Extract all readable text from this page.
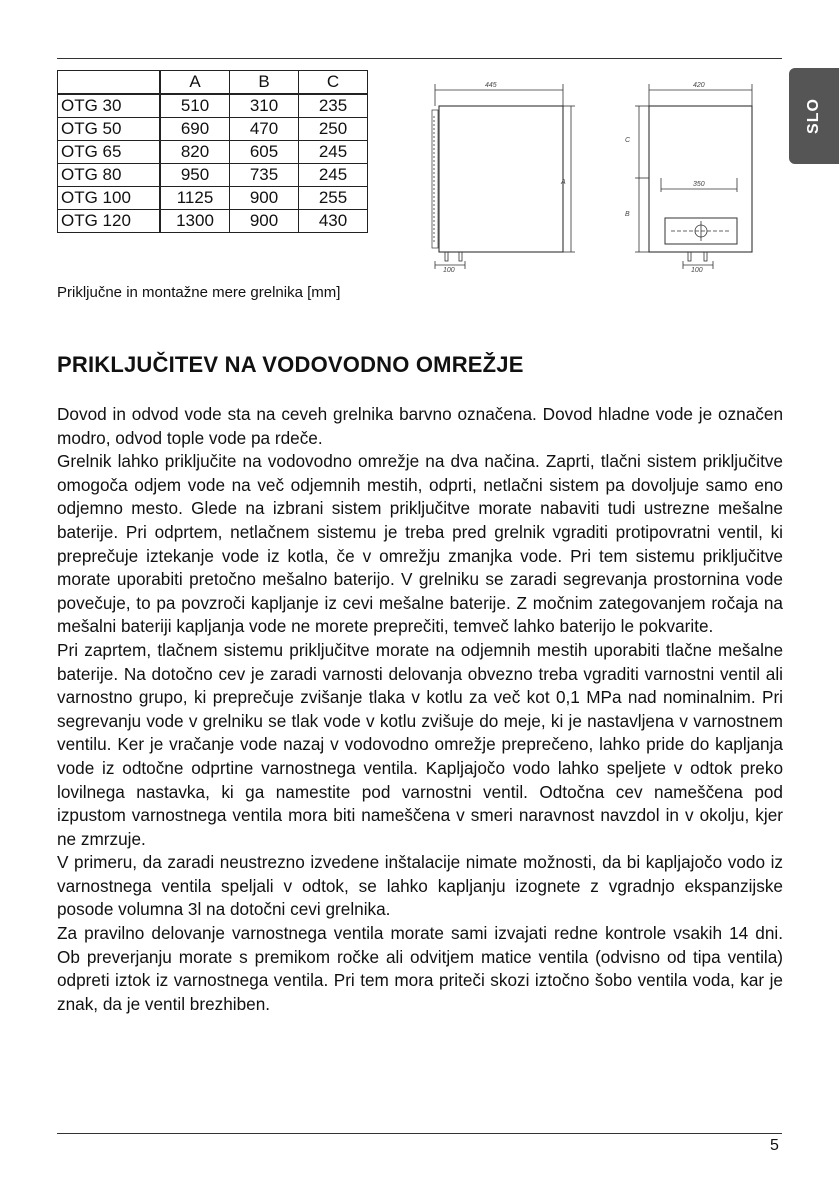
SLO
	A	B	C
OTG 30	510	310	235
OTG 50	690	470	250
OTG 65	820	605	245
OTG 80	950	735	245
OTG 100	1125	900	255
OTG 120	1300	900	430
445
A
100
420
C
B
350
100
Priključne in montažne mere grelnika [mm]
PRIKLJUČITEV NA VODOVODNO OMREŽJE

Dovod in odvod vode sta na ceveh grelnika barvno označena. Dovod hladne vode je označen modro, odvod tople vode pa rdeče.

Grelnik lahko priključite na vodovodno omrežje na dva načina. Zaprti, tlačni sistem priključitve omogoča odjem vode na več odjemnih mestih, odprti, netlačni sistem pa dovoljuje samo eno odjemno mesto. Glede na izbrani sistem priključitve morate nabaviti tudi ustrezne mešalne baterije. Pri odprtem, netlačnem sistemu je treba pred grelnik vgraditi protipovratni ventil, ki preprečuje iztekanje vode iz kotla, če v omrežju zmanjka vode. Pri tem sistemu priključitve morate uporabiti pretočno mešalno baterijo. V grelniku se zaradi segrevanja prostornina vode povečuje, to pa povzroči kapljanje iz cevi mešalne baterije. Z močnim zategovanjem ročaja na mešalni bateriji kapljanja vode ne morete preprečiti, temveč lahko baterijo le pokvarite.

Pri zaprtem, tlačnem sistemu priključitve morate na odjemnih mestih uporabiti tlačne mešalne baterije. Na dotočno cev je zaradi varnosti delovanja obvezno treba vgraditi varnostni ventil ali varnostno grupo, ki preprečuje zvišanje tlaka v kotlu za več kot 0,1 MPa nad nominalnim. Pri segrevanju vode v grelniku se tlak vode v kotlu zvišuje do meje, ki je nastavljena v varnostnem ventilu. Ker je vračanje vode nazaj v vodovodno omrežje preprečeno, lahko pride do kapljanja vode iz odtočne odprtine varnostnega ventila. Kapljajočo vodo lahko speljete v odtok preko lovilnega nastavka, ki ga namestite pod varnostni ventil. Odtočna cev nameščena pod izpustom varnostnega ventila mora biti nameščena v smeri naravnost navzdol in v okolju, kjer ne zmrzuje.

V primeru, da zaradi neustrezno izvedene inštalacije nimate možnosti, da bi kapljajočo vodo iz varnostnega ventila speljali v odtok, se lahko kapljanju izognete z vgradnjo ekspanzijske posode volumna 3l na dotočni cevi grelnika.

Za pravilno delovanje varnostnega ventila morate sami izvajati redne kontrole vsakih 14 dni. Ob preverjanju morate s premikom ročke ali odvitjem matice ventila (odvisno od tipa ventila) odpreti iztok iz varnostnega ventila. Pri tem mora priteči skozi iztočno šobo ventila voda, kar je znak, da je ventil brezhiben.

5
